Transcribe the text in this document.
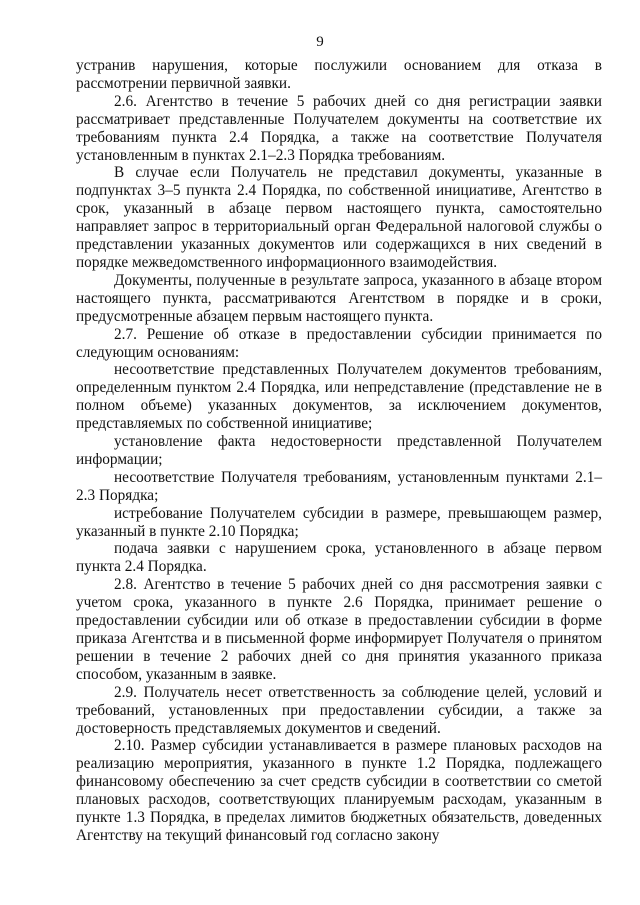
9

устранив нарушения, которые послужили основанием для отказа в рассмотрении первичной заявки.

2.6. Агентство в течение 5 рабочих дней со дня регистрации заявки рассматривает представленные Получателем документы на соответствие их требованиям пункта 2.4 Порядка, а также на соответствие Получателя установленным в пунктах 2.1–2.3 Порядка требованиям.

В случае если Получатель не представил документы, указанные в подпунктах 3–5 пункта 2.4 Порядка, по собственной инициативе, Агентство в срок, указанный в абзаце первом настоящего пункта, самостоятельно направляет запрос в территориальный орган Федеральной налоговой службы о представлении указанных документов или содержащихся в них сведений в порядке межведомственного информационного взаимодействия.

Документы, полученные в результате запроса, указанного в абзаце втором настоящего пункта, рассматриваются Агентством в порядке и в сроки, предусмотренные абзацем первым настоящего пункта.

2.7. Решение об отказе в предоставлении субсидии принимается по следующим основаниям:

несоответствие представленных Получателем документов требованиям, определенным пунктом 2.4 Порядка, или непредставление (представление не в полном объеме) указанных документов, за исключением документов, представляемых по собственной инициативе;

установление факта недостоверности представленной Получателем информации;

несоответствие Получателя требованиям, установленным пунктами 2.1–2.3 Порядка;

истребование Получателем субсидии в размере, превышающем размер, указанный в пункте 2.10 Порядка;

подача заявки с нарушением срока, установленного в абзаце первом пункта 2.4 Порядка.

2.8. Агентство в течение 5 рабочих дней со дня рассмотрения заявки с учетом срока, указанного в пункте 2.6 Порядка, принимает решение о предоставлении субсидии или об отказе в предоставлении субсидии в форме приказа Агентства и в письменной форме информирует Получателя о принятом решении в течение 2 рабочих дней со дня принятия указанного приказа способом, указанным в заявке.

2.9. Получатель несет ответственность за соблюдение целей, условий и требований, установленных при предоставлении субсидии, а также за достоверность представляемых документов и сведений.

2.10. Размер субсидии устанавливается в размере плановых расходов на реализацию мероприятия, указанного в пункте 1.2 Порядка, подлежащего финансовому обеспечению за счет средств субсидии в соответствии со сметой плановых расходов, соответствующих планируемым расходам, указанным в пункте 1.3 Порядка, в пределах лимитов бюджетных обязательств, доведенных Агентству на текущий финансовый год согласно закону
